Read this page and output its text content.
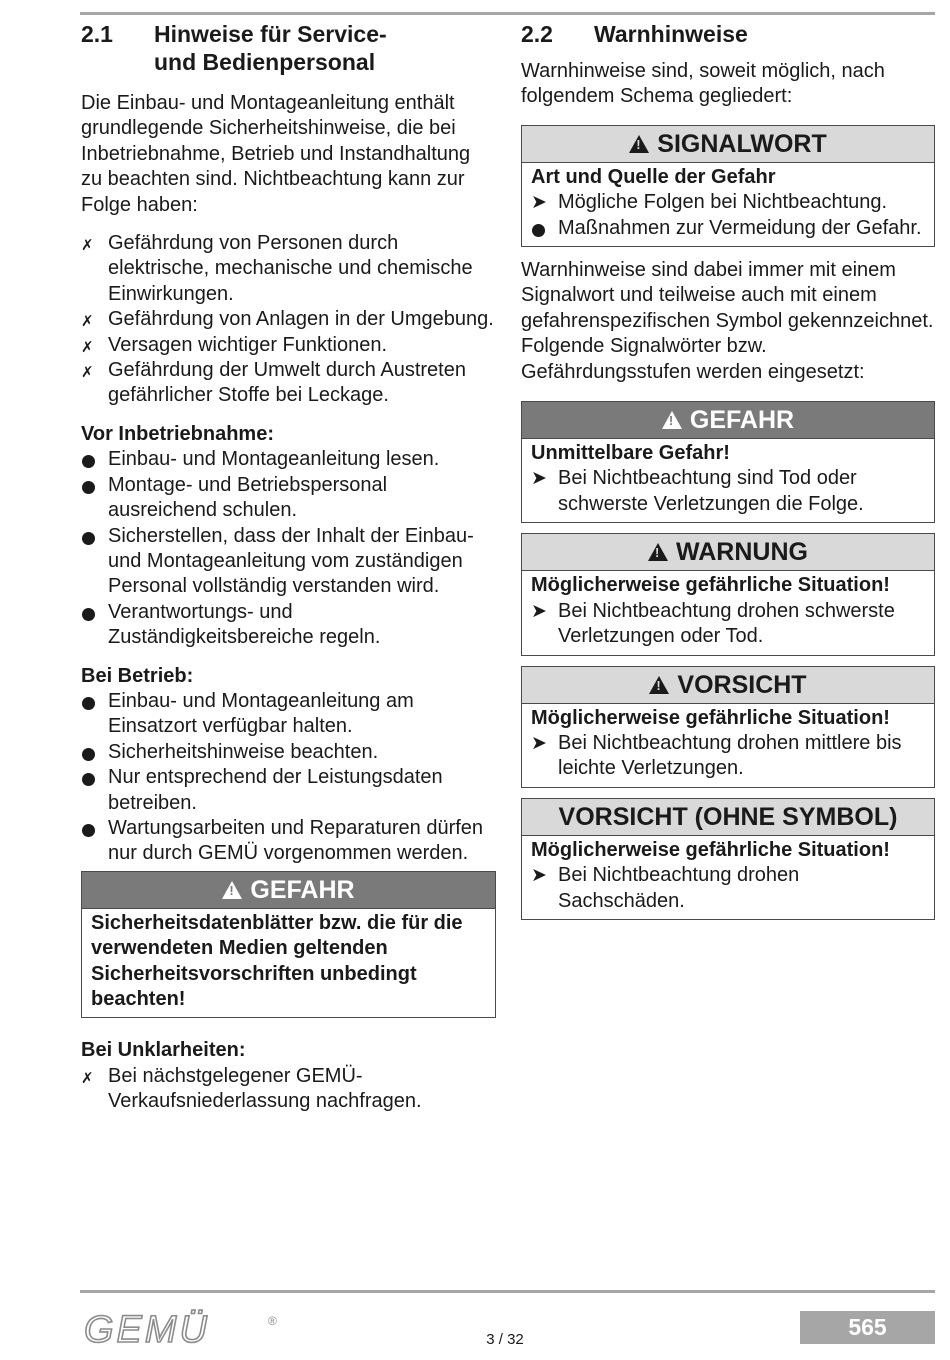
2.1	Hinweise für Service-
und Bedienpersonal

Die Einbau- und Montageanleitung enthält grundlegende Sicherheitshinweise, die bei Inbetriebnahme, Betrieb und Instandhaltung zu beachten sind. Nichtbeachtung kann zur Folge haben:

✗ Gefährdung von Personen durch elektrische, mechanische und chemische Einwirkungen.
✗ Gefährdung von Anlagen in der Umgebung.
✗ Versagen wichtiger Funktionen.
✗ Gefährdung der Umwelt durch Austreten gefährlicher Stoffe bei Leckage.
Vor Inbetriebnahme:
Einbau- und Montageanleitung lesen.
Montage- und Betriebspersonal ausreichend schulen.
Sicherstellen, dass der Inhalt der Einbau- und Montageanleitung vom zuständigen Personal vollständig verstanden wird.
Verantwortungs- und Zuständigkeitsbereiche regeln.
Bei Betrieb:
Einbau- und Montageanleitung am Einsatzort verfügbar halten.
Sicherheitshinweise beachten.
Nur entsprechend der Leistungsdaten betreiben.
Wartungsarbeiten und Reparaturen dürfen nur durch GEMÜ vorgenommen werden.
!GEFAHR

Sicherheitsdatenblätter bzw. die für die verwendeten Medien geltenden Sicherheitsvorschriften unbedingt beachten!

Bei Unklarheiten:
✗ Bei nächstgelegener GEMÜ-Verkaufsniederlassung nachfragen.
2.2	Warnhinweise

Warnhinweise sind, soweit möglich, nach folgendem Schema gegliedert:

!SIGNALWORT
Art und Quelle der Gefahr
➤ Mögliche Folgen bei Nichtbeachtung.
Maßnahmen zur Vermeidung der Gefahr.

Warnhinweise sind dabei immer mit einem Signalwort und teilweise auch mit einem gefahrenspezifischen Symbol gekennzeichnet.

Folgende Signalwörter bzw. Gefährdungsstufen werden eingesetzt:

!GEFAHR
Unmittelbare Gefahr!
➤ Bei Nichtbeachtung sind Tod oder schwerste Verletzungen die Folge.
!WARNUNG
Möglicherweise gefährliche Situation!
➤ Bei Nichtbeachtung drohen schwerste Verletzungen oder Tod.
!VORSICHT
Möglicherweise gefährliche Situation!
➤ Bei Nichtbeachtung drohen mittlere bis leichte Verletzungen.
VORSICHT (OHNE SYMBOL)
Möglicherweise gefährliche Situation!
➤ Bei Nichtbeachtung drohen Sachschäden.
GEMÜ	®
3 / 32	565
